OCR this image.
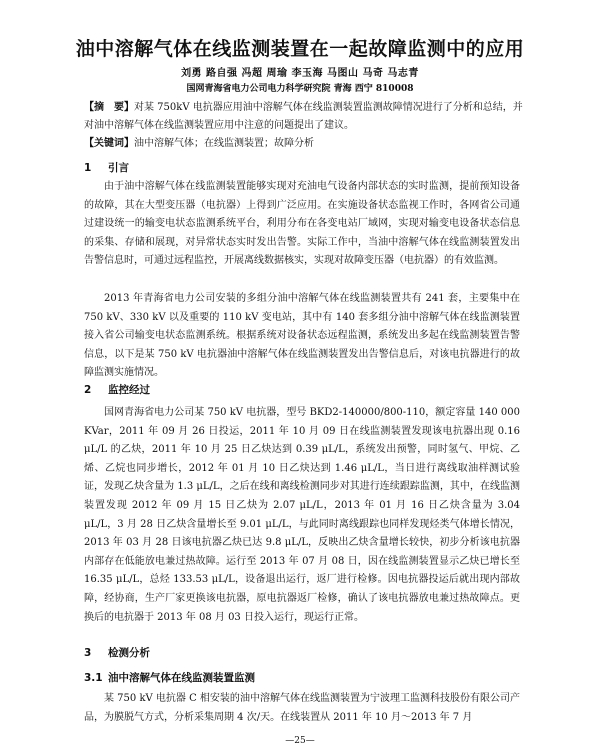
油中溶解气体在线监测装置在一起故障监测中的应用
刘勇 路自强 冯超 周瑜 李玉海 马图山 马奇 马志青
国网青海省电力公司电力科学研究院 青海 西宁 810008
【摘　要】对某 750kV 电抗器应用油中溶解气体在线监测装置监测故障情况进行了分析和总结，并对油中溶解气体在线监测装置应用中注意的问题提出了建议。
【关键词】油中溶解气体；在线监测装置；故障分析
1 引言
由于油中溶解气体在线监测装置能够实现对充油电气设备内部状态的实时监测，提前预知设备的故障，其在大型变压器（电抗器）上得到广泛应用。在实施设备状态监视工作时，各网省公司通过建设统一的输变电状态监测系统平台，利用分布在各变电站厂域网，实现对输变电设备状态信息的采集、存储和展现，对异常状态实时发出告警。实际工作中，当油中溶解气体在线监测装置发出告警信息时，可通过远程监控，开展离线数据核实，实现对故障变压器（电抗器）的有效监测。
2013 年青海省电力公司安装的多组分油中溶解气体在线监测装置共有 241 套，主要集中在 750 kV、330 kV 以及重要的 110 kV 变电站，其中有 140 套多组分油中溶解气体在线监测装置接入省公司输变电状态监测系统。根据系统对设备状态远程监测，系统发出多起在线监测装置告警信息，以下是某 750 kV 电抗器油中溶解气体在线监测装置发出告警信息后，对该电抗器进行的故障监测实施情况。
2 监控经过
国网青海省电力公司某 750 kV 电抗器，型号 BKD2-140000/800-110，额定容量 140 000 KVar，2011 年 09 月 26 日投运，2011 年 10 月 09 日在线监测装置发现该电抗器出现 0.16 μL/L 的乙炔，2011 年 10 月 25 日乙炔达到 0.39 μL/L，系统发出预警，同时氢气、甲烷、乙烯、乙烷也同步增长，2012 年 01 月 10 日乙炔达到 1.46 μL/L，当日进行离线取油样测试验证，发现乙炔含量为 1.3 μL/L，之后在线和离线检测同步对其进行连续跟踪监测，其中，在线监测装置发现 2012 年 09 月 15 日乙炔为 2.07 μL/L，2013 年 01 月 16 日乙炔含量为 3.04 μL/L，3 月 28 日乙炔含量增长至 9.01 μL/L，与此同时离线跟踪也同样发现烃类气体增长情况，2013 年 03 月 28 日该电抗器乙炔已达 9.8 μL/L，反映出乙炔含量增长较快，初步分析该电抗器内部存在低能放电兼过热故障。运行至 2013 年 07 月 08 日，因在线监测装置显示乙炔已增长至 16.35 μL/L，总烃 133.53 μL/L，设备退出运行，返厂进行检修。因电抗器投运后就出现内部故障，经协商，生产厂家更换该电抗器，原电抗器返厂检修，确认了该电抗器放电兼过热故障点。更换后的电抗器于 2013 年 08 月 03 日投入运行，现运行正常。
3 检测分析
3.1 油中溶解气体在线监测装置监测
某 750 kV 电抗器 C 相安装的油中溶解气体在线监测装置为宁波理工监测科技股份有限公司产品，为膜脱气方式，分析采集周期 4 次/天。在线装置从 2011 年 10 月～2013 年 7 月
—25—
